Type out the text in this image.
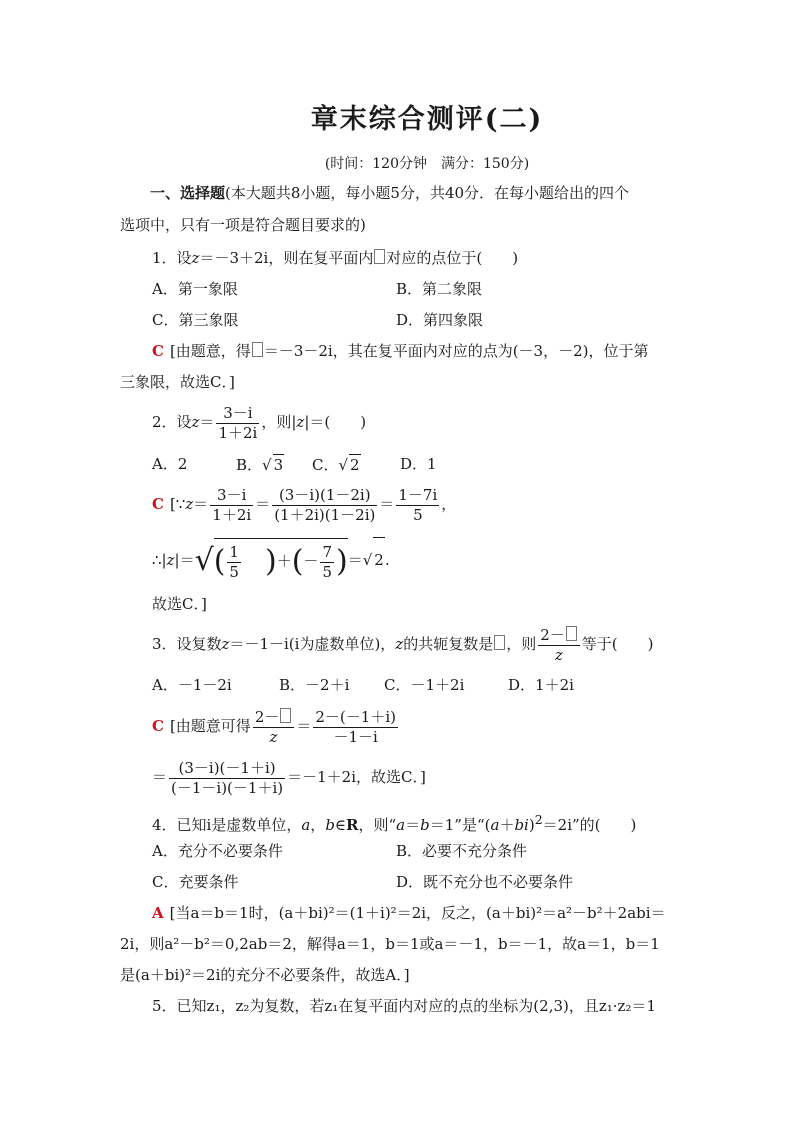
章末综合测评(二)
(时间：120分钟　满分：150分)
一、选择题(本大题共8小题，每小题5分，共40分．在每小题给出的四个
选项中，只有一项是符合题目要求的)
1．设z＝－3＋2i，则在复平面内 对应的点位于(　　)
A．第一象限	B．第二象限
C．第三象限	D．第四象限
C [由题意，得 ＝－3－2i，其在复平面内对应的点为(－3，－2)，位于第
三象限，故选C．]
2．设$z= \frac{3-i}{1+2i}$ ，则|z|＝(　　)
A．2	B．√ 3 C．√ 2	D．1
C [∵z＝ $\frac{3-i}{1+2i} = \frac{(3-i)(1-2i)}{(1+2i)(1-2i)} = \frac{1-7i}{5}$ ，
∴|z|＝√( $\frac{1}{5}$ )＋(－ $\frac{7}{5}$ )＝√ 2.
故选C．]
3．设复数z＝－1－i(i为虚数单位)，z的共轭复数是 ，则 $\frac{2-}{z}$ 等于(　　)
A．－1－2i	B．－2＋i C．－1＋2i	D．1＋2i
C [由题意可得 $\frac{2-}{z} = \frac{2-(-1+i)}{-1-i}$
＝ $\frac{(3-i)(-1+i)}{(-1-i)(-1+i)} =-1+2i$，故选C．]
4．已知i是虚数单位，a，b∈R，则“a＝b＝1”是“$(a+bi)^2=2i$”的(　　)
A．充分不必要条件	B．必要不充分条件
C．充要条件	D．既不充分也不必要条件
A [当a＝b＝1时，(a＋bi)²＝(1＋i)²＝2i，反之，(a＋bi)²＝a²－b²＋2abi＝
2i，则a²－b²＝0,2ab＝2，解得a＝1，b＝1或a＝－1，b＝－1，故a＝1，b＝1
是(a＋bi)²＝2i的充分不必要条件，故选A．]
5．已知z₁，z₂为复数，若z₁在复平面内对应的点的坐标为(2,3)，且z₁·z₂＝1
